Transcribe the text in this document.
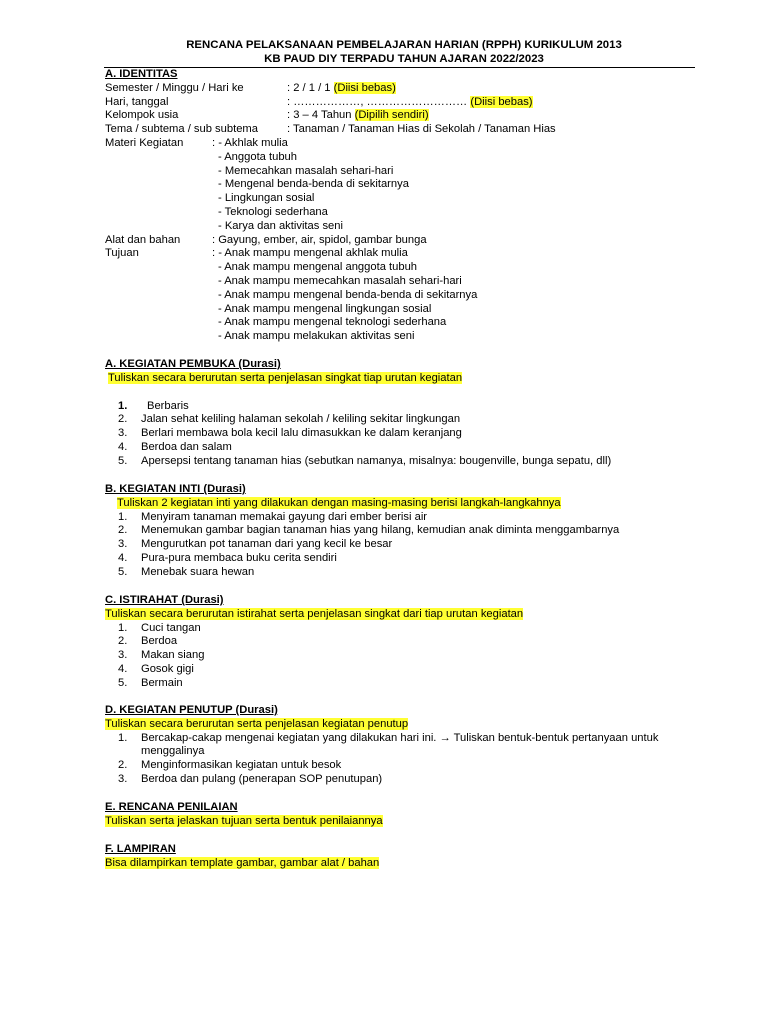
RENCANA PELAKSANAAN PEMBELAJARAN HARIAN (RPPH) KURIKULUM 2013
KB PAUD DIY TERPADU TAHUN AJARAN 2022/2023
A. IDENTITAS
Semester / Minggu / Hari ke	: 2 / 1 / 1 (Diisi bebas)
Hari, tanggal	: ………………, ……………………… (Diisi bebas)
Kelompok usia	: 3 – 4 Tahun (Dipilih sendiri)
Tema / subtema / sub subtema	: Tanaman / Tanaman Hias di Sekolah / Tanaman Hias
Materi Kegiatan	: - Akhlak mulia
- Anggota tubuh
- Memecahkan masalah sehari-hari
- Mengenal benda-benda di sekitarnya
- Lingkungan sosial
- Teknologi sederhana
- Karya dan aktivitas seni
Alat dan bahan	: Gayung, ember, air, spidol, gambar bunga
Tujuan	: - Anak mampu mengenal akhlak mulia
- Anak mampu mengenal anggota tubuh
- Anak mampu memecahkan masalah sehari-hari
- Anak mampu mengenal benda-benda di sekitarnya
- Anak mampu mengenal lingkungan sosial
- Anak mampu mengenal teknologi sederhana
- Anak mampu melakukan aktivitas seni
A. KEGIATAN PEMBUKA (Durasi)
Tuliskan secara berurutan serta penjelasan singkat tiap urutan kegiatan
1. Berbaris
2. Jalan sehat keliling halaman sekolah / keliling sekitar lingkungan
3. Berlari membawa bola kecil lalu dimasukkan ke dalam keranjang
4. Berdoa dan salam
5. Apersepsi tentang tanaman hias (sebutkan namanya, misalnya: bougenville, bunga sepatu, dll)
B. KEGIATAN INTI (Durasi)
Tuliskan 2 kegiatan inti yang dilakukan dengan masing-masing berisi langkah-langkahnya
1. Menyiram tanaman memakai gayung dari ember berisi air
2. Menemukan gambar bagian tanaman hias yang hilang, kemudian anak diminta menggambarnya
3. Mengurutkan pot tanaman dari yang kecil ke besar
4. Pura-pura membaca buku cerita sendiri
5. Menebak suara hewan
C. ISTIRAHAT (Durasi)
Tuliskan secara berurutan istirahat serta penjelasan singkat dari tiap urutan kegiatan
1. Cuci tangan
2. Berdoa
3. Makan siang
4. Gosok gigi
5. Bermain
D. KEGIATAN PENUTUP (Durasi)
Tuliskan secara berurutan serta penjelasan kegiatan penutup
1. Bercakap-cakap mengenai kegiatan yang dilakukan hari ini. → Tuliskan bentuk-bentuk pertanyaan untuk menggalinya
2. Menginformasikan kegiatan untuk besok
3. Berdoa dan pulang (penerapan SOP penutupan)
E. RENCANA PENILAIAN
Tuliskan serta jelaskan tujuan serta bentuk penilaiannya
F. LAMPIRAN
Bisa dilampirkan template gambar, gambar alat / bahan
